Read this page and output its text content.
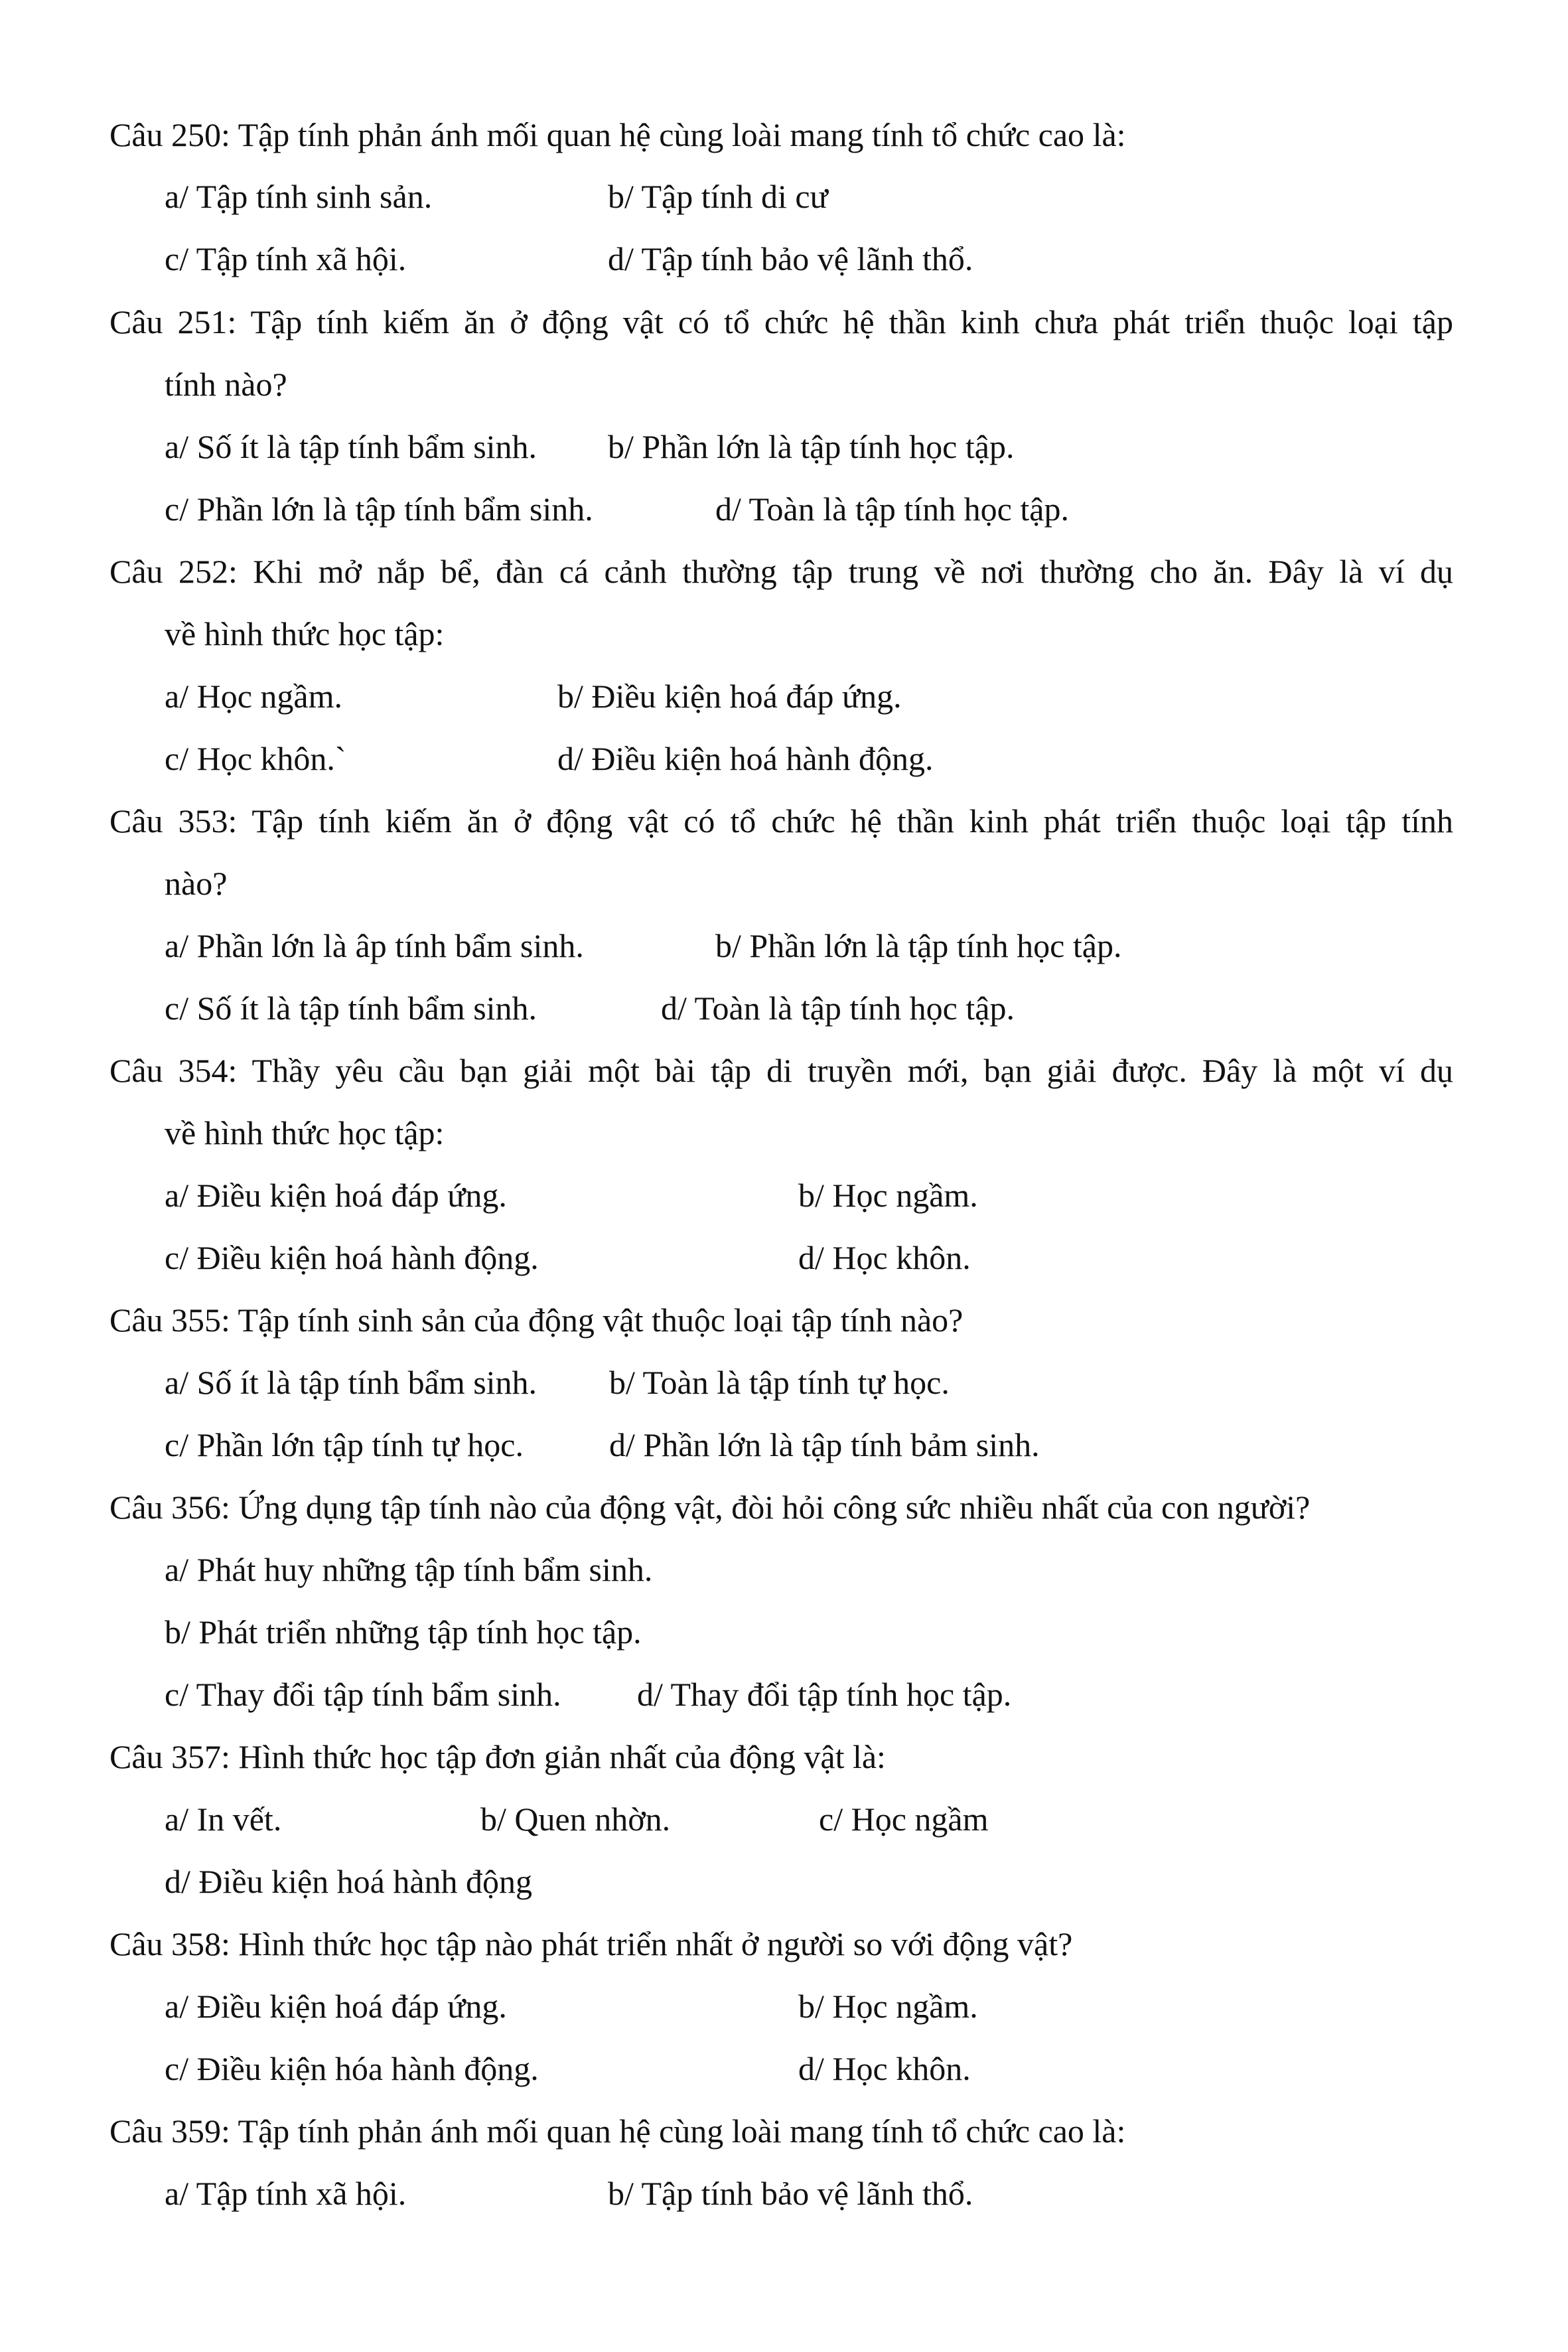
Câu 250: Tập tính phản ánh mối quan hệ cùng loài mang tính tổ chức cao là:
a/ Tập tính sinh sản.	b/ Tập tính di cư
c/ Tập tính xã hội.	d/ Tập tính bảo vệ lãnh thổ.
Câu 251: Tập tính kiếm ăn ở động vật có tổ chức hệ thần kinh chưa phát triển thuộc loại tập
tính nào?
a/ Số ít là tập tính bẩm sinh. b/ Phần lớn là tập tính học tập.
c/ Phần lớn là tập tính bẩm sinh.	d/ Toàn là tập tính học tập.
Câu 252: Khi mở nắp bể, đàn cá cảnh thường tập trung về nơi thường cho ăn. Đây là ví dụ
về hình thức học tập:
a/ Học ngầm.	b/ Điều kiện hoá đáp ứng.
c/ Học khôn.`	d/ Điều kiện hoá hành động.
Câu 353: Tập tính kiếm ăn ở động vật có tổ chức hệ thần kinh phát triển thuộc loại tập tính
nào?
a/ Phần lớn là âp tính bẩm sinh.	b/ Phần lớn là tập tính học tập.
c/ Số ít là tập tính bẩm sinh.	d/ Toàn là tập tính học tập.
Câu 354: Thầy yêu cầu bạn giải một bài tập di truyền mới, bạn giải được. Đây là một ví dụ
về hình thức học tập:
a/ Điều kiện hoá đáp ứng.	b/ Học ngầm.
c/ Điều kiện hoá hành động.	d/ Học khôn.
Câu 355: Tập tính sinh sản của động vật thuộc loại tập tính nào?
a/ Số ít là tập tính bẩm sinh. b/ Toàn là tập tính tự học.
c/ Phần lớn tập tính tự học.	d/ Phần lớn là tập tính bảm sinh.
Câu 356: Ứng dụng tập tính nào của động vật, đòi hỏi công sức nhiều nhất của con người?
a/ Phát huy những tập tính bẩm sinh.
b/ Phát triển những tập tính học tập.
c/ Thay đổi tập tính bẩm sinh. d/ Thay đổi tập tính học tập.
Câu 357: Hình thức học tập đơn giản nhất của động vật là:
a/ In vết.	b/ Quen nhờn.	c/ Học ngầm
d/ Điều kiện hoá hành động
Câu 358: Hình thức học tập nào phát triển nhất ở người so với động vật?
a/ Điều kiện hoá đáp ứng.	b/ Học ngầm.
c/ Điều kiện hóa hành động.	d/ Học khôn.
Câu 359: Tập tính phản ánh mối quan hệ cùng loài mang tính tổ chức cao là:
a/ Tập tính xã hội.	b/ Tập tính bảo vệ lãnh thổ.
